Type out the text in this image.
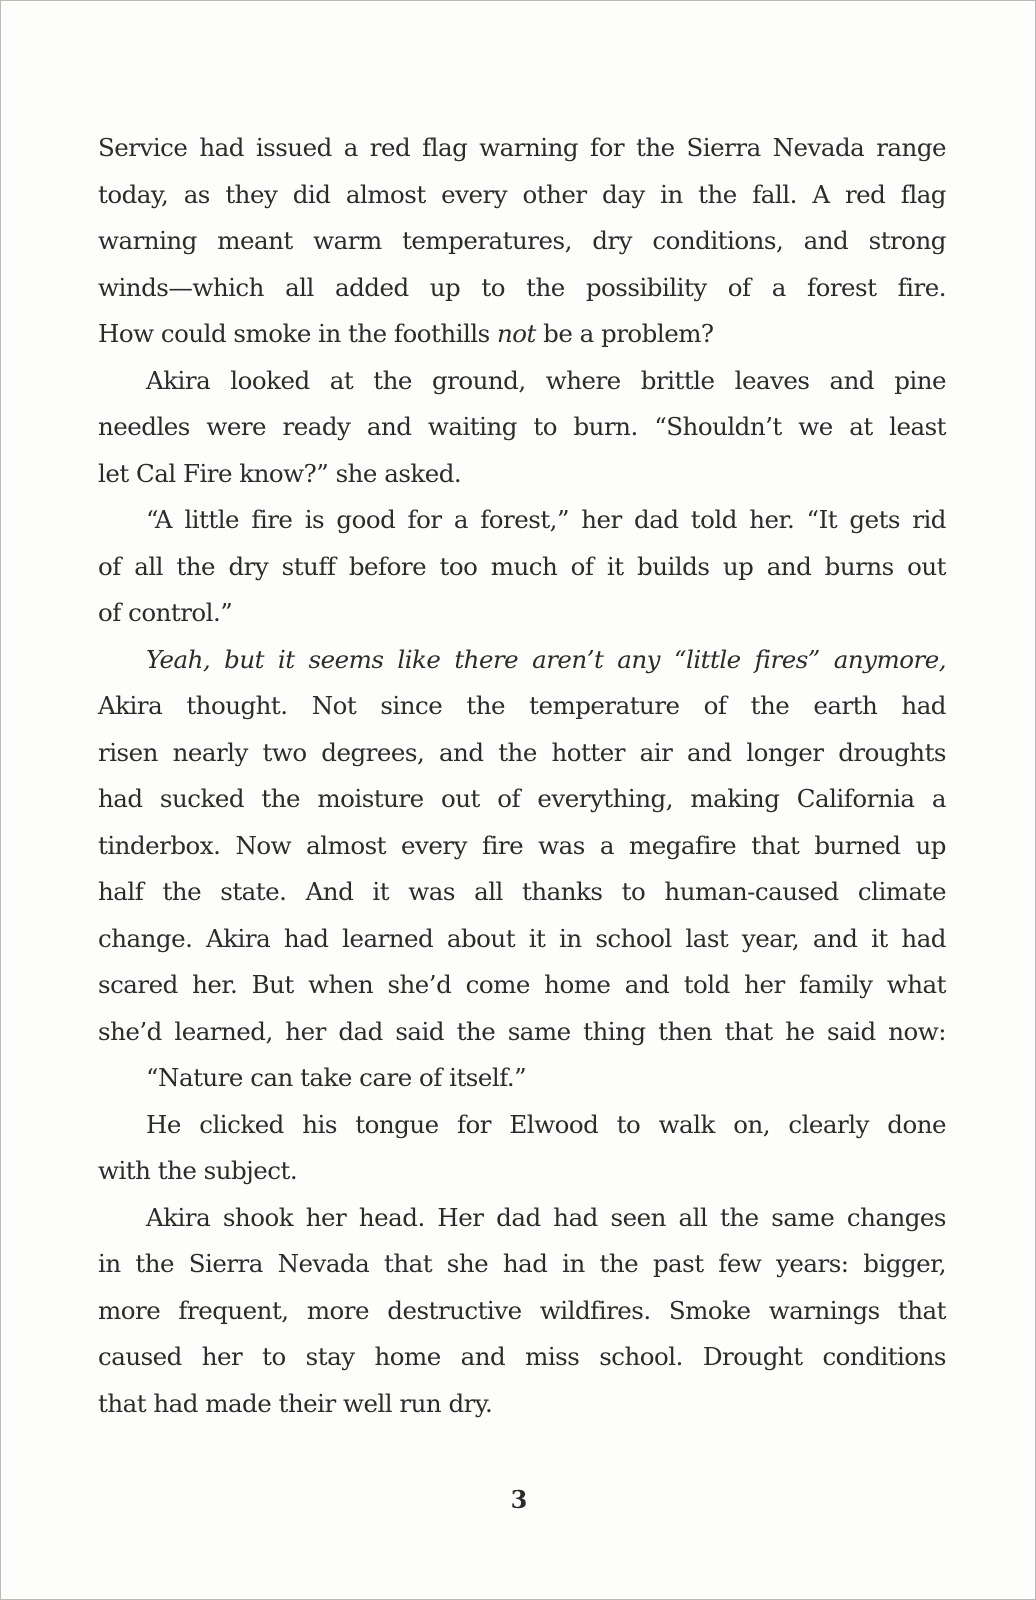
Service had issued a red flag warning for the Sierra Nevada range
today, as they did almost every other day in the fall. A red flag
warning meant warm temperatures, dry conditions, and strong
winds—which all added up to the possibility of a forest fire.
How could smoke in the foothills not be a problem?

Akira looked at the ground, where brittle leaves and pine
needles were ready and waiting to burn. “Shouldn’t we at least
let Cal Fire know?” she asked.

“A little fire is good for a forest,” her dad told her. “It gets rid
of all the dry stuff before too much of it builds up and burns out
of control.”

Yeah, but it seems like there aren’t any “little fires” anymore,
Akira thought. Not since the temperature of the earth had
risen nearly two degrees, and the hotter air and longer droughts
had sucked the moisture out of everything, making California a
tinderbox. Now almost every fire was a megafire that burned up
half the state. And it was all thanks to human-caused climate
change. Akira had learned about it in school last year, and it had
scared her. But when she’d come home and told her family what
she’d learned, her dad said the same thing then that he said now:

“Nature can take care of itself.”

He clicked his tongue for Elwood to walk on, clearly done
with the subject.

Akira shook her head. Her dad had seen all the same changes
in the Sierra Nevada that she had in the past few years: bigger,
more frequent, more destructive wildfires. Smoke warnings that
caused her to stay home and miss school. Drought conditions
that had made their well run dry.

3
